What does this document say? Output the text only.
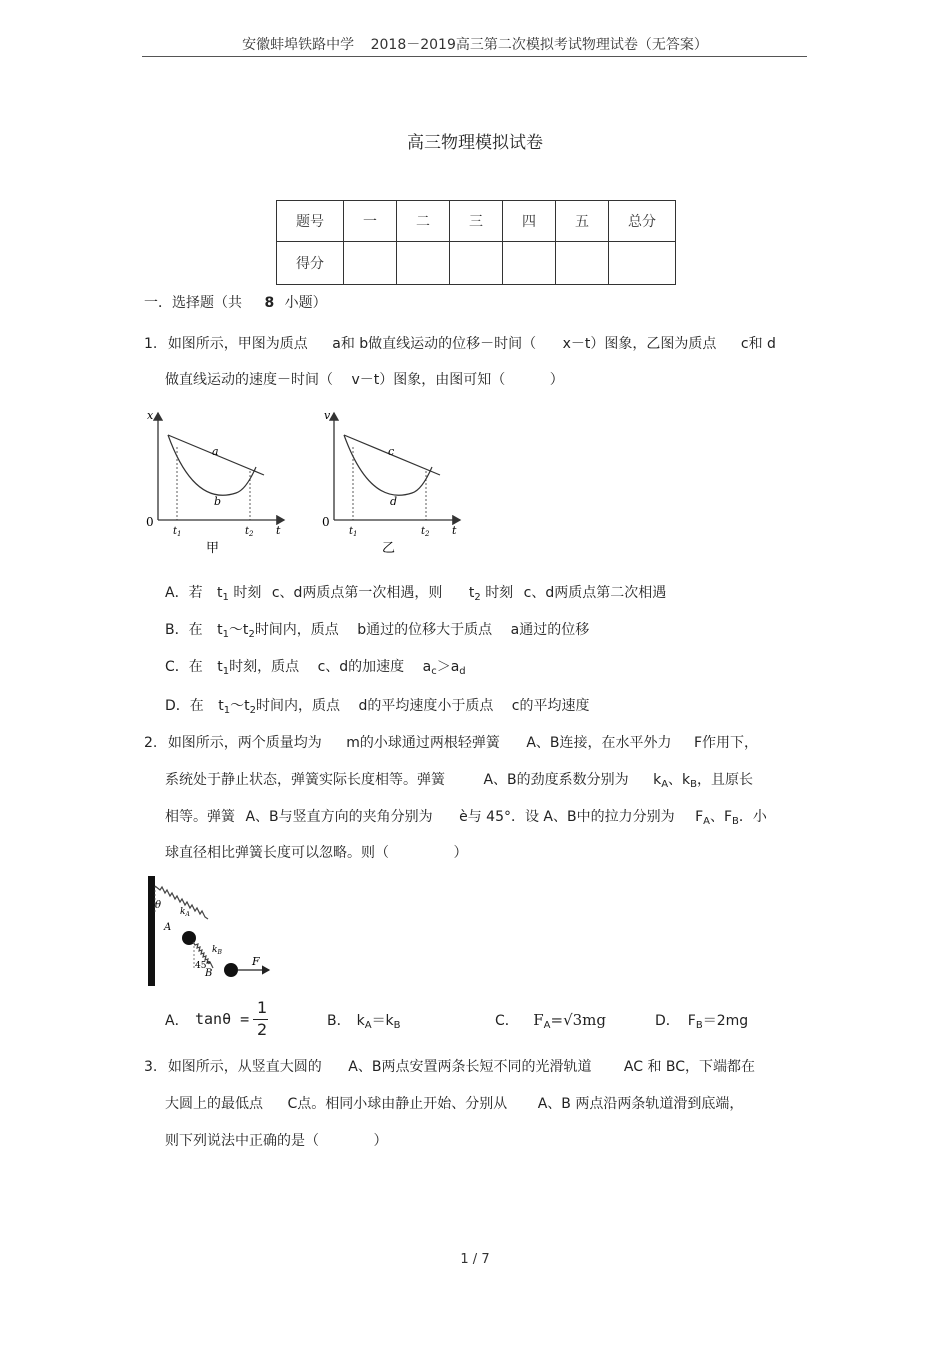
安徽蚌埠铁路中学 2018－2019高三第二次模拟考试物理试卷（无答案）
高三物理模拟试卷
题号	一	二	三	四	五	总分
得分						
一．选择题（共 8 小题）
1. 如图所示，甲图为质点 a和 b做直线运动的位移－时间（ x－t）图象，乙图为质点 c和 d
做直线运动的速度－时间（ v－t）图象，由图可知（	）
x
0
a
b
$t_1$	$t_2$ t
甲
v
0
c
d
$t_1$	$t_2$ t
乙
A．若 $t_1$ 时刻 c、d两质点第一次相遇，则 $t_2$ 时刻 c、d两质点第二次相遇
B．在 $t_1\sim t_2$时间内，质点 b通过的位移大于质点 a通过的位移
C．在 $t_1$时刻，质点 c、d的加速度 $a_c>a_d$
D．在 $t_1\sim t_2$时间内，质点 d的平均速度小于质点 c的平均速度
2. 如图所示，两个质量均为 m的小球通过两根轻弹簧 A、B连接，在水平外力 F作用下，
系统处于静止状态，弹簧实际长度相等。弹簧	A、B的劲度系数分别为 $k_A$、$k_B$，且原长
相等。弹簧 A、B与竖直方向的夹角分别为 è与 45°．设 A、B中的拉力分别为 $F_A$、$F_B$．小
球直径相比弹簧长度可以忽略。则（	）
θ
$k_A$
A
$k_B$
45°
B
F
A． tanθ =
1
2	B． $k_A=k_B$	C． $F_A=√3mg$	D． $F_B=2mg$
3. 如图所示，从竖直大圆的 A、B两点安置两条长短不同的光滑轨道 AC 和 BC，下端都在
大圆上的最低点 C点。相同小球由静止开始、分别从 A、B 两点沿两条轨道滑到底端，
则下列说法中正确的是（	）
1 / 7
